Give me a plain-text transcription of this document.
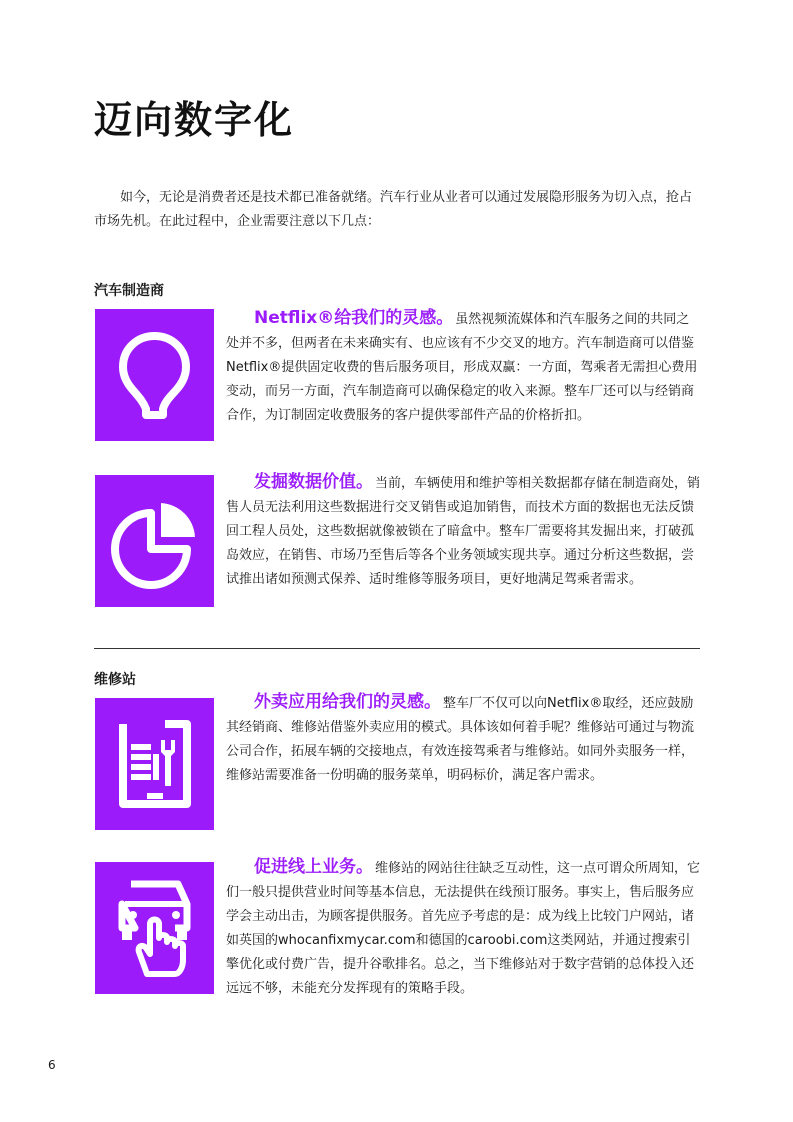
迈向数字化

如今，无论是消费者还是技术都已准备就绪。汽车行业从业者可以通过发展隐形服务为切入点，抢占市场先机。在此过程中，企业需要注意以下几点：

汽车制造商

Netflix®给我们的灵感。 虽然视频流媒体和汽车服务之间的共同之处并不多，但两者在未来确实有、也应该有不少交叉的地方。汽车制造商可以借鉴Netflix®提供固定收费的售后服务项目，形成双赢：一方面，驾乘者无需担心费用变动，而另一方面，汽车制造商可以确保稳定的收入来源。整车厂还可以与经销商合作，为订制固定收费服务的客户提供零部件产品的价格折扣。

发掘数据价值。 当前，车辆使用和维护等相关数据都存储在制造商处，销售人员无法利用这些数据进行交叉销售或追加销售，而技术方面的数据也无法反馈回工程人员处，这些数据就像被锁在了暗盒中。整车厂需要将其发掘出来，打破孤岛效应，在销售、市场乃至售后等各个业务领域实现共享。通过分析这些数据，尝试推出诸如预测式保养、适时维修等服务项目，更好地满足驾乘者需求。

维修站

外卖应用给我们的灵感。 整车厂不仅可以向Netflix®取经，还应鼓励其经销商、维修站借鉴外卖应用的模式。具体该如何着手呢？维修站可通过与物流公司合作，拓展车辆的交接地点，有效连接驾乘者与维修站。如同外卖服务一样，维修站需要准备一份明确的服务菜单，明码标价，满足客户需求。

促进线上业务。 维修站的网站往往缺乏互动性，这一点可谓众所周知，它们一般只提供营业时间等基本信息，无法提供在线预订服务。事实上，售后服务应学会主动出击，为顾客提供服务。首先应予考虑的是：成为线上比较门户网站，诸如英国的whocanfixmycar.com和德国的caroobi.com这类网站，并通过搜索引擎优化或付费广告，提升谷歌排名。总之，当下维修站对于数字营销的总体投入还远远不够，未能充分发挥现有的策略手段。

6
